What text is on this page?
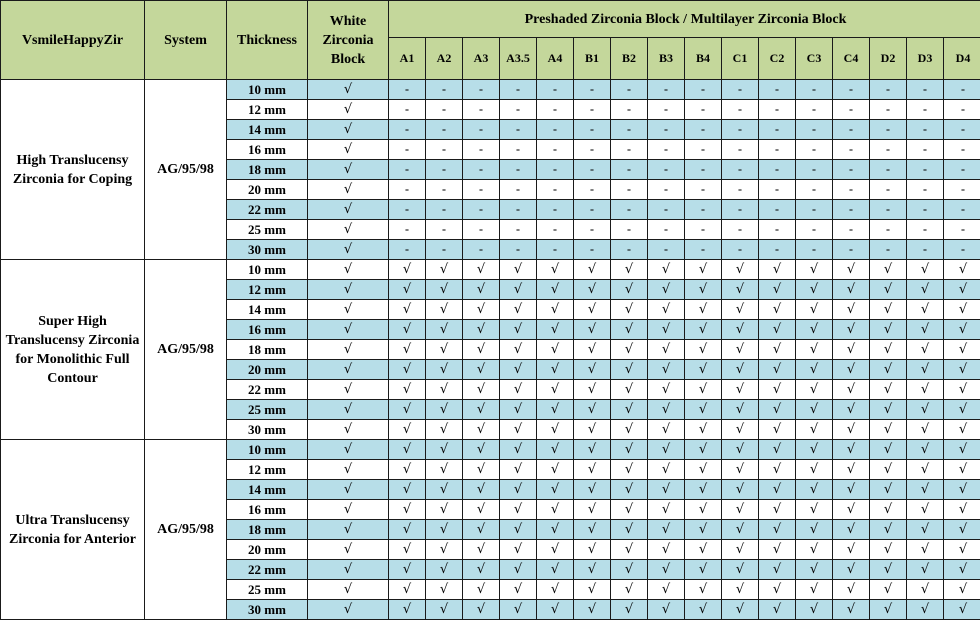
VsmileHappyZir	System	Thickness	White Zirconia Block	Preshaded Zirconia Block / Multilayer Zirconia Block															
				A1	A2	A3	A3.5	A4	B1	B2	B3	B4	C1	C2	C3	C4	D2	D3	D4
High Translucensy Zirconia for Coping	AG/95/98	10 mm	√	-	-	-	-	-	-	-	-	-	-	-	-	-	-	-	-
		12 mm	√	-	-	-	-	-	-	-	-	-	-	-	-	-	-	-	-
		14 mm	√	-	-	-	-	-	-	-	-	-	-	-	-	-	-	-	-
		16 mm	√	-	-	-	-	-	-	-	-	-	-	-	-	-	-	-	-
		18 mm	√	-	-	-	-	-	-	-	-	-	-	-	-	-	-	-	-
		20 mm	√	-	-	-	-	-	-	-	-	-	-	-	-	-	-	-	-
		22 mm	√	-	-	-	-	-	-	-	-	-	-	-	-	-	-	-	-
		25 mm	√	-	-	-	-	-	-	-	-	-	-	-	-	-	-	-	-
		30 mm	√	-	-	-	-	-	-	-	-	-	-	-	-	-	-	-	-
Super High Translucensy Zirconia for Monolithic Full Contour	AG/95/98	10 mm	√	√	√	√	√	√	√	√	√	√	√	√	√	√	√	√	√
		12 mm	√	√	√	√	√	√	√	√	√	√	√	√	√	√	√	√	√
		14 mm	√	√	√	√	√	√	√	√	√	√	√	√	√	√	√	√	√
		16 mm	√	√	√	√	√	√	√	√	√	√	√	√	√	√	√	√	√
		18 mm	√	√	√	√	√	√	√	√	√	√	√	√	√	√	√	√	√
		20 mm	√	√	√	√	√	√	√	√	√	√	√	√	√	√	√	√	√
		22 mm	√	√	√	√	√	√	√	√	√	√	√	√	√	√	√	√	√
		25 mm	√	√	√	√	√	√	√	√	√	√	√	√	√	√	√	√	√
		30 mm	√	√	√	√	√	√	√	√	√	√	√	√	√	√	√	√	√
Ultra Translucensy Zirconia for Anterior	AG/95/98	10 mm	√	√	√	√	√	√	√	√	√	√	√	√	√	√	√	√	√
		12 mm	√	√	√	√	√	√	√	√	√	√	√	√	√	√	√	√	√
		14 mm	√	√	√	√	√	√	√	√	√	√	√	√	√	√	√	√	√
		16 mm	√	√	√	√	√	√	√	√	√	√	√	√	√	√	√	√	√
		18 mm	√	√	√	√	√	√	√	√	√	√	√	√	√	√	√	√	√
		20 mm	√	√	√	√	√	√	√	√	√	√	√	√	√	√	√	√	√
		22 mm	√	√	√	√	√	√	√	√	√	√	√	√	√	√	√	√	√
		25 mm	√	√	√	√	√	√	√	√	√	√	√	√	√	√	√	√	√
		30 mm	√	√	√	√	√	√	√	√	√	√	√	√	√	√	√	√	√
